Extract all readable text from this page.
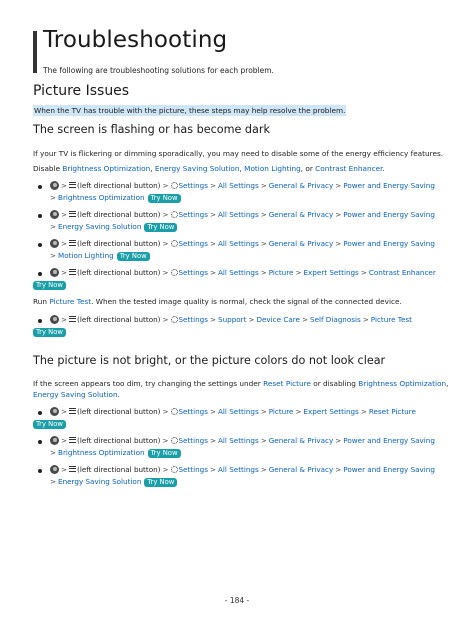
Troubleshooting
The following are troubleshooting solutions for each problem.
Picture Issues
When the TV has trouble with the picture, these steps may help resolve the problem.
The screen is flashing or has become dark
If your TV is flickering or dimming sporadically, you may need to disable some of the energy efficiency features.
Disable Brightness Optimization, Energy Saving Solution, Motion Lighting, or Contrast Enhancer.
> (left directional button) > Settings > All Settings > General & Privacy > Power and Energy Saving
> Brightness Optimization Try Now
> (left directional button) > Settings > All Settings > General & Privacy > Power and Energy Saving
> Energy Saving Solution Try Now
> (left directional button) > Settings > All Settings > General & Privacy > Power and Energy Saving
> Motion Lighting Try Now
> (left directional button) > Settings > All Settings > Picture > Expert Settings > Contrast Enhancer
Try Now
Run Picture Test. When the tested image quality is normal, check the signal of the connected device.
> (left directional button) > Settings > Support > Device Care > Self Diagnosis > Picture Test
Try Now
The picture is not bright, or the picture colors do not look clear
If the screen appears too dim, try changing the settings under Reset Picture or disabling Brightness Optimization,
Energy Saving Solution.
> (left directional button) > Settings > All Settings > Picture > Expert Settings > Reset Picture
Try Now
> (left directional button) > Settings > All Settings > General & Privacy > Power and Energy Saving
> Brightness Optimization Try Now
> (left directional button) > Settings > All Settings > General & Privacy > Power and Energy Saving
> Energy Saving Solution Try Now
- 184 -
